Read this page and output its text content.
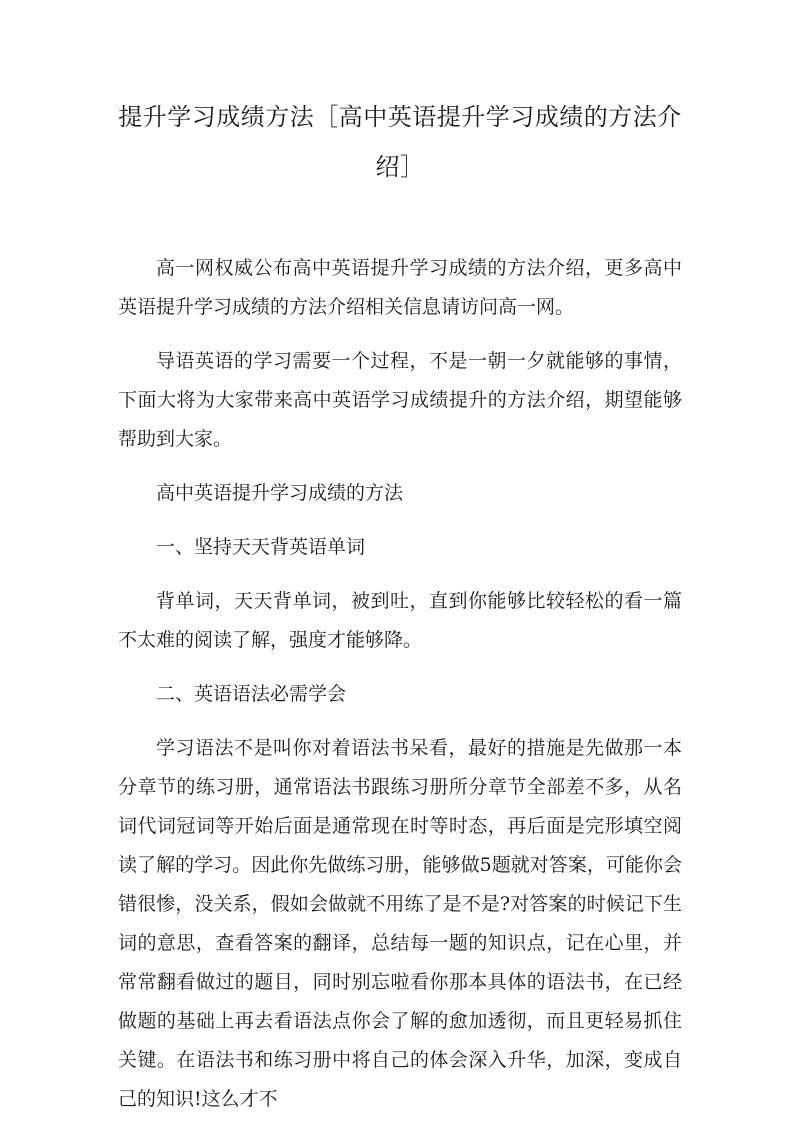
提升学习成绩方法［高中英语提升学习成绩的方法介绍］

高一网权威公布高中英语提升学习成绩的方法介绍，更多高中英语提升学习成绩的方法介绍相关信息请访问高一网。

导语英语的学习需要一个过程，不是一朝一夕就能够的事情，下面大将为大家带来高中英语学习成绩提升的方法介绍，期望能够帮助到大家。

高中英语提升学习成绩的方法

一、坚持天天背英语单词

背单词，天天背单词，被到吐，直到你能够比较轻松的看一篇不太难的阅读了解，强度才能够降。

二、英语语法必需学会

学习语法不是叫你对着语法书呆看，最好的措施是先做那一本分章节的练习册，通常语法书跟练习册所分章节全部差不多，从名词代词冠词等开始后面是通常现在时等时态，再后面是完形填空阅读了解的学习。因此你先做练习册，能够做5题就对答案，可能你会错很惨，没关系，假如会做就不用练了是不是?对答案的时候记下生词的意思，查看答案的翻译，总结每一题的知识点，记在心里，并常常翻看做过的题目，同时别忘啦看你那本具体的语法书，在已经做题的基础上再去看语法点你会了解的愈加透彻，而且更轻易抓住关键。在语法书和练习册中将自己的体会深入升华，加深，变成自己的知识!这么才不
